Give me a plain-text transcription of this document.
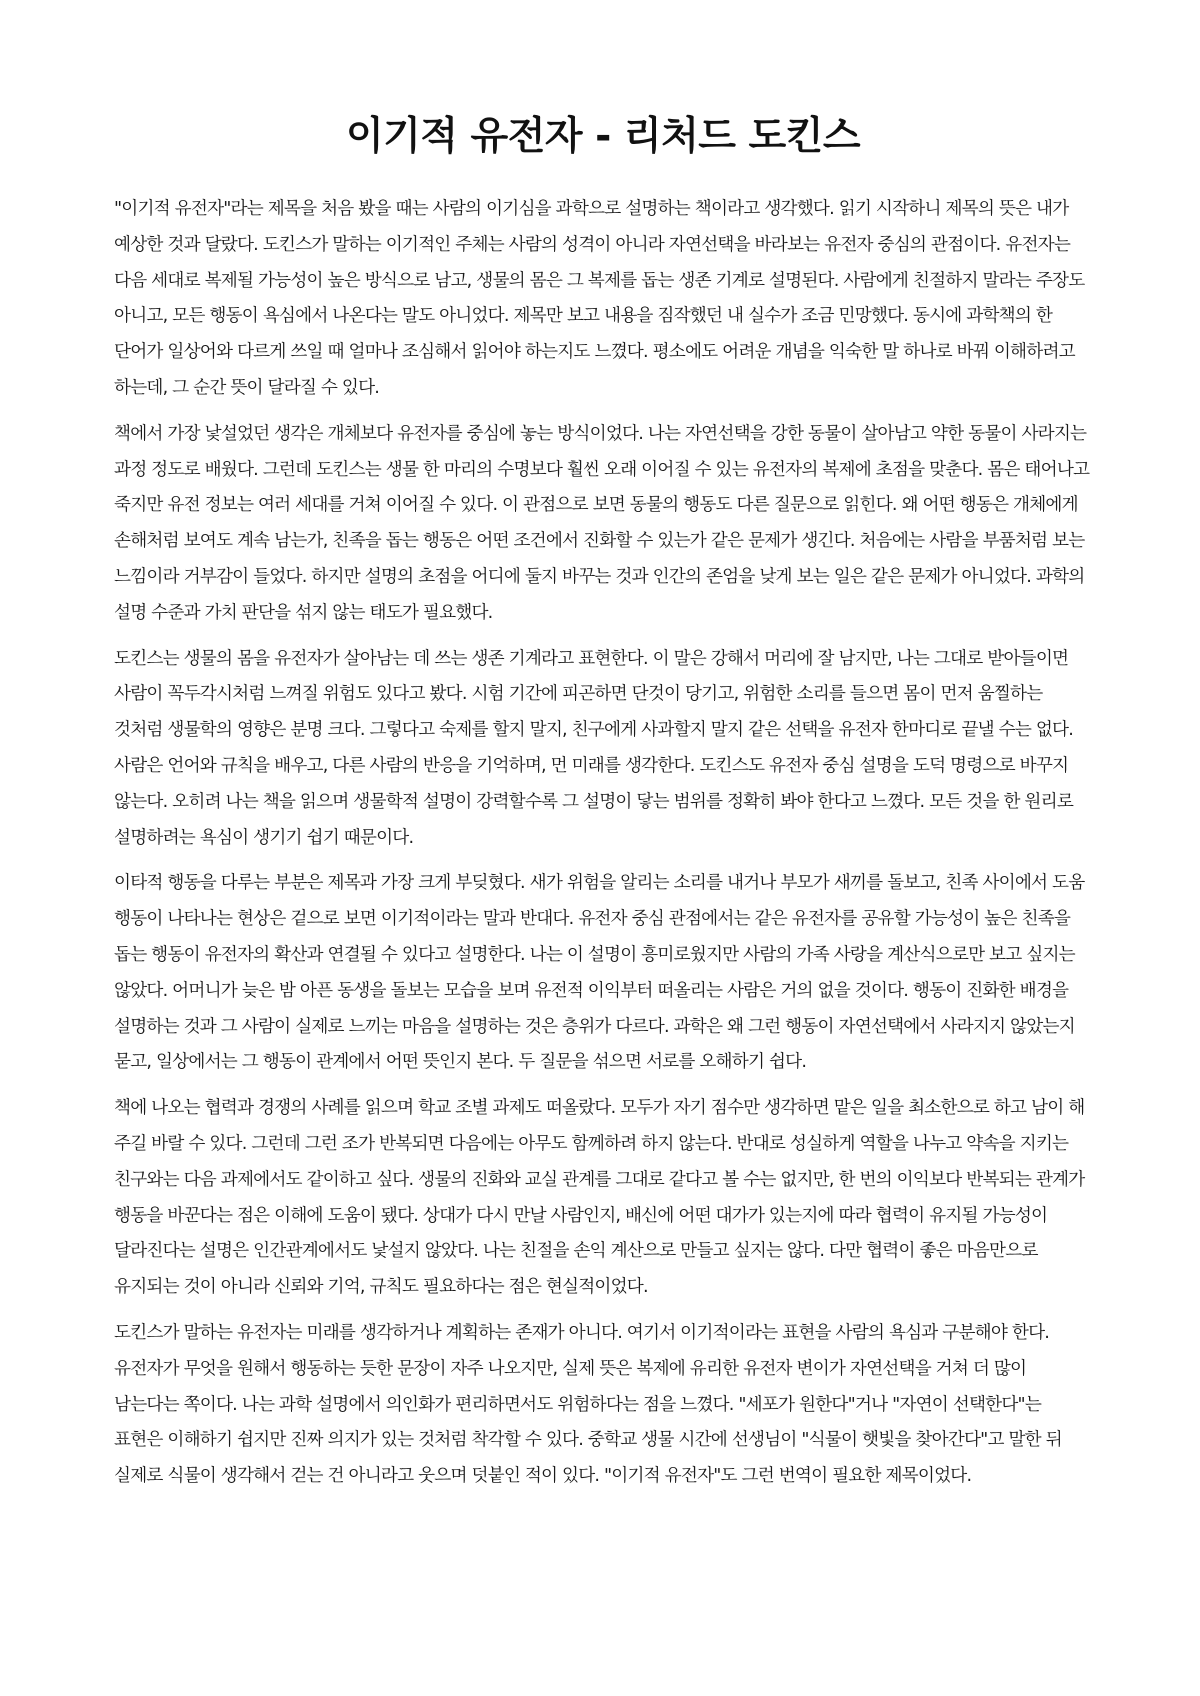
이기적 유전자 - 리처드 도킨스

"이기적 유전자"라는 제목을 처음 봤을 때는 사람의 이기심을 과학으로 설명하는 책이라고 생각했다. 읽기 시작하니 제목의 뜻은 내가 예상한 것과 달랐다. 도킨스가 말하는 이기적인 주체는 사람의 성격이 아니라 자연선택을 바라보는 유전자 중심의 관점이다. 유전자는 다음 세대로 복제될 가능성이 높은 방식으로 남고, 생물의 몸은 그 복제를 돕는 생존 기계로 설명된다. 사람에게 친절하지 말라는 주장도 아니고, 모든 행동이 욕심에서 나온다는 말도 아니었다. 제목만 보고 내용을 짐작했던 내 실수가 조금 민망했다. 동시에 과학책의 한 단어가 일상어와 다르게 쓰일 때 얼마나 조심해서 읽어야 하는지도 느꼈다. 평소에도 어려운 개념을 익숙한 말 하나로 바꿔 이해하려고 하는데, 그 순간 뜻이 달라질 수 있다.

책에서 가장 낯설었던 생각은 개체보다 유전자를 중심에 놓는 방식이었다. 나는 자연선택을 강한 동물이 살아남고 약한 동물이 사라지는 과정 정도로 배웠다. 그런데 도킨스는 생물 한 마리의 수명보다 훨씬 오래 이어질 수 있는 유전자의 복제에 초점을 맞춘다. 몸은 태어나고 죽지만 유전 정보는 여러 세대를 거쳐 이어질 수 있다. 이 관점으로 보면 동물의 행동도 다른 질문으로 읽힌다. 왜 어떤 행동은 개체에게 손해처럼 보여도 계속 남는가, 친족을 돕는 행동은 어떤 조건에서 진화할 수 있는가 같은 문제가 생긴다. 처음에는 사람을 부품처럼 보는 느낌이라 거부감이 들었다. 하지만 설명의 초점을 어디에 둘지 바꾸는 것과 인간의 존엄을 낮게 보는 일은 같은 문제가 아니었다. 과학의 설명 수준과 가치 판단을 섞지 않는 태도가 필요했다.

도킨스는 생물의 몸을 유전자가 살아남는 데 쓰는 생존 기계라고 표현한다. 이 말은 강해서 머리에 잘 남지만, 나는 그대로 받아들이면 사람이 꼭두각시처럼 느껴질 위험도 있다고 봤다. 시험 기간에 피곤하면 단것이 당기고, 위험한 소리를 들으면 몸이 먼저 움찔하는 것처럼 생물학의 영향은 분명 크다. 그렇다고 숙제를 할지 말지, 친구에게 사과할지 말지 같은 선택을 유전자 한마디로 끝낼 수는 없다. 사람은 언어와 규칙을 배우고, 다른 사람의 반응을 기억하며, 먼 미래를 생각한다. 도킨스도 유전자 중심 설명을 도덕 명령으로 바꾸지 않는다. 오히려 나는 책을 읽으며 생물학적 설명이 강력할수록 그 설명이 닿는 범위를 정확히 봐야 한다고 느꼈다. 모든 것을 한 원리로 설명하려는 욕심이 생기기 쉽기 때문이다.

이타적 행동을 다루는 부분은 제목과 가장 크게 부딪혔다. 새가 위험을 알리는 소리를 내거나 부모가 새끼를 돌보고, 친족 사이에서 도움 행동이 나타나는 현상은 겉으로 보면 이기적이라는 말과 반대다. 유전자 중심 관점에서는 같은 유전자를 공유할 가능성이 높은 친족을 돕는 행동이 유전자의 확산과 연결될 수 있다고 설명한다. 나는 이 설명이 흥미로웠지만 사람의 가족 사랑을 계산식으로만 보고 싶지는 않았다. 어머니가 늦은 밤 아픈 동생을 돌보는 모습을 보며 유전적 이익부터 떠올리는 사람은 거의 없을 것이다. 행동이 진화한 배경을 설명하는 것과 그 사람이 실제로 느끼는 마음을 설명하는 것은 층위가 다르다. 과학은 왜 그런 행동이 자연선택에서 사라지지 않았는지 묻고, 일상에서는 그 행동이 관계에서 어떤 뜻인지 본다. 두 질문을 섞으면 서로를 오해하기 쉽다.

책에 나오는 협력과 경쟁의 사례를 읽으며 학교 조별 과제도 떠올랐다. 모두가 자기 점수만 생각하면 맡은 일을 최소한으로 하고 남이 해 주길 바랄 수 있다. 그런데 그런 조가 반복되면 다음에는 아무도 함께하려 하지 않는다. 반대로 성실하게 역할을 나누고 약속을 지키는 친구와는 다음 과제에서도 같이하고 싶다. 생물의 진화와 교실 관계를 그대로 같다고 볼 수는 없지만, 한 번의 이익보다 반복되는 관계가 행동을 바꾼다는 점은 이해에 도움이 됐다. 상대가 다시 만날 사람인지, 배신에 어떤 대가가 있는지에 따라 협력이 유지될 가능성이 달라진다는 설명은 인간관계에서도 낯설지 않았다. 나는 친절을 손익 계산으로 만들고 싶지는 않다. 다만 협력이 좋은 마음만으로 유지되는 것이 아니라 신뢰와 기억, 규칙도 필요하다는 점은 현실적이었다.

도킨스가 말하는 유전자는 미래를 생각하거나 계획하는 존재가 아니다. 여기서 이기적이라는 표현을 사람의 욕심과 구분해야 한다. 유전자가 무엇을 원해서 행동하는 듯한 문장이 자주 나오지만, 실제 뜻은 복제에 유리한 유전자 변이가 자연선택을 거쳐 더 많이 남는다는 쪽이다. 나는 과학 설명에서 의인화가 편리하면서도 위험하다는 점을 느꼈다. "세포가 원한다"거나 "자연이 선택한다"는 표현은 이해하기 쉽지만 진짜 의지가 있는 것처럼 착각할 수 있다. 중학교 생물 시간에 선생님이 "식물이 햇빛을 찾아간다"고 말한 뒤 실제로 식물이 생각해서 걷는 건 아니라고 웃으며 덧붙인 적이 있다. "이기적 유전자"도 그런 번역이 필요한 제목이었다.
